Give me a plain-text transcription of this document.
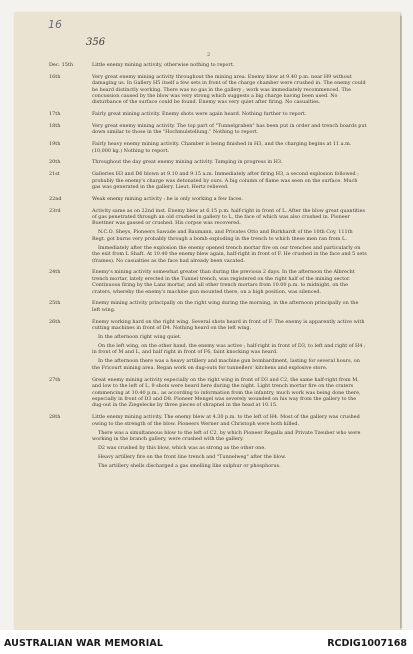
16
356
2
Dec. 15th	Little enemy mining activity, otherwise nothing to report.
16th	Very great enemy mining activity throughout the mining area. Enemy blow at 9.40 p.m. near H9 without damaging us. In Gallery H5 itself a few sets in front of the charge chamber were crushed in. The enemy could be heard distinctly working. There was no gas in the gallery ; work was immediately recommenced. The concussion caused by the blow was very strong which suggests a big charge having been used. No disturbance of the surface could be found. Enemy was very quiet after firing. No casualties.
17th	Fairly great mining activity. Enemy shots were again heard. Nothing further to report.
18th	Very great enemy mining activity. The top part of "Tunnelgraben" has been put in order and trench boards put down similar to those in the "Hochmulstellung." Nothing to report.
19th	Fairly heavy enemy mining activity. Chamber is being finished in H3, and the charging begins at 11 a.m. (10,000 kg.) Nothing to report.
20th	Throughout the day great enemy mining activity. Tamping in progress in H3.
21st	Galleries H3 and D6 blown at 9.10 and 9.15 a.m. Immediately after firing H3, a second explosion followed ; probably the enemy's charge was detonated by ours. A big column of flame was seen on the surface. Much gas was generated in the gallery. Lieut. Hertz relieved.
22nd	Weak enemy mining activity : he is only working a few faces.
23rd	Activity same as on 22nd inst. Enemy blew at 6.15 p.m. half-right in front of L. After the blow great quantities of gas penetrated through an old crushed in gallery to L, the face of which was also crushed in. Pioneer Buettner was gassed or crushed. His corpse was recovered.
N.C.O. Sheys, Pioneers Sawade and Baumann, and Privates Otto and Burkhardt of the 10th Coy, 111th Regt. got burns very probably through a bomb exploding in the trench to which these men ran from L.
Immediately after the explosion the enemy opened trench mortar fire on our trenches and particularly on the exit from L Shaft. At 10.40 the enemy blew again, half-right in front of F. He crushed in the face and 5 sets (frames). No casualties as the face had already been vacated.
24th	Enemy's mining activity somewhat greater than during the previous 2 days. In the afternoon the Albrecht trench mortar, lately erected in the Tunnel trench, was registered on the right half of the mining sector. Continuous firing by the Lanz mortar, and all other trench mortars from 10.00 p.m. to midnight, on the craters, whereby the enemy's machine gun mounted there, on a high position, was silenced.
25th	Enemy mining activity principally on the right wing during the morning, in the afternoon principally on the left wing.
26th	Enemy working hard on the right wing. Several shots heard in front of F. The enemy is apparently active with cutting machines in front of D4. Nothing heard on the left wing.
In the afternoon right wing quiet.
On the left wing, on the other hand, the enemy was active ; half-right in front of D3, to left and right of H4 ; in front of M and L, and half right in front of F6, faint knocking was heard.
In the afternoon there was a heavy artillery and machine gun bombardment, lasting for several hours, on the Fricourt mining area. Began work on dug-outs for tunnellers' kitchens and explosive store.
27th	Great enemy mining activity especially on the right wing in front of D3 and C2, the same half-right from M, and low to the left of L, 9 shots were heard here during the night. Light trench mortar fire on the craters commencing at 10.40 p.m., as according to information from the infantry, much work was being done there, especially in front of D3 and D8. Pioneer Mengel was severely wounded on his way from the gallery to the dug-out in the Ziegelecke by three pieces of shrapnel in the head at 10.15.
28th	Little enemy mining activity. The enemy blew at 4.30 p.m. to the left of H4. Most of the gallery was crushed owing to the strength of the blow. Pioneers Werner and Christoph were both killed.
There was a simultaneous blow to the left of C2, by which Pioneer Regalla and Private Tzeuber who were working in the branch gallery, were crushed with the gallery.
D2 was crushed by this blow, which was as strong as the other one.
Heavy artillery fire on the front line trench and "Tunnelweg" after the blow.
The artillery shells discharged a gas smelling like sulphur or phosphorus.
AUSTRALIAN WAR MEMORIAL	RCDIG1007168
